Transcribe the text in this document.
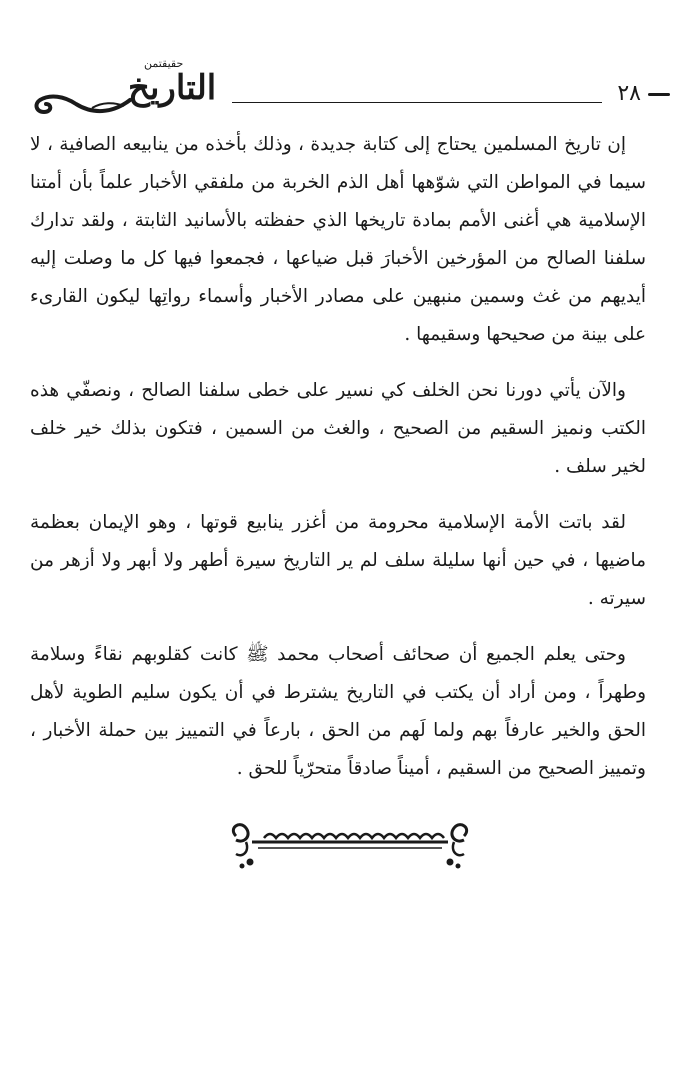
٢٨
حقيقتمن
التاريخ

إن تاريخ المسلمين يحتاج إلى كتابة جديدة ، وذلك بأخذه من ينابيعه الصافية ، لا سيما في المواطن التي شوّهها أهل الذم الخربة من ملفقي الأخبار علماً بأن أمتنا الإسلامية هي أغنى الأمم بمادة تاريخها الذي حفظته بالأسانيد الثابتة ، ولقد تدارك سلفنا الصالح من المؤرخين الأخبارَ قبل ضياعها ، فجمعوا فيها كل ما وصلت إليه أيديهم من غث وسمين منبهين على مصادر الأخبار وأسماء رواتِها ليكون القارىء على بينة من صحيحها وسقيمها .

والآن يأتي دورنا نحن الخلف كي نسير على خطى سلفنا الصالح ، ونصفّي هذه الكتب ونميز السقيم من الصحيح ، والغث من السمين ، فتكون بذلك خير خلف لخير سلف .

لقد باتت الأمة الإسلامية محرومة من أغزر ينابيع قوتها ، وهو الإيمان بعظمة ماضيها ، في حين أنها سليلة سلف لم ير التاريخ سيرة أطهر ولا أبهر ولا أزهر من سيرته .

وحتى يعلم الجميع أن صحائف أصحاب محمد ﷺ كانت كقلوبهم نقاءً وسلامة وطهراً ، ومن أراد أن يكتب في التاريخ يشترط في أن يكون سليم الطوية لأهل الحق والخير عارفاً بهم ولما لَهم من الحق ، بارعاً في التمييز بين حملة الأخبار ، وتمييز الصحيح من السقيم ، أميناً صادقاً متحرّياً للحق .
